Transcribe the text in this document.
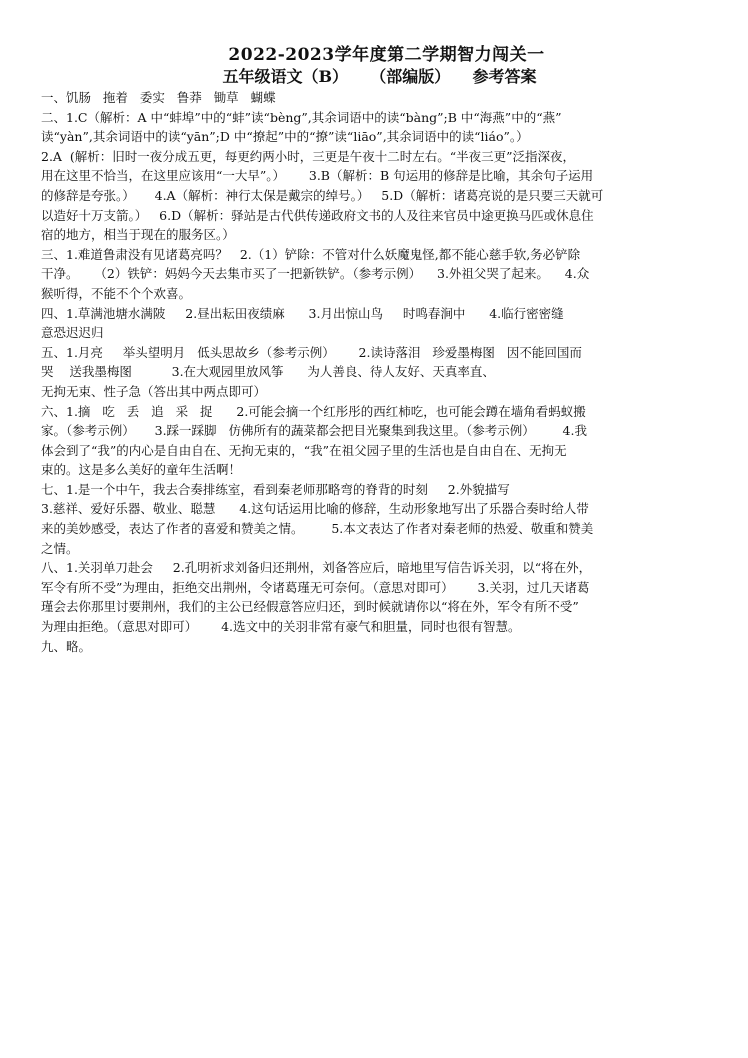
2022-2023学年度第二学期智力闯关一
五年级语文（B）    （部编版）    参考答案
一、饥肠   拖着   委实   鲁莽   锄草   蝴蝶
二、1.C（解析：A 中“蚌埠”中的“蚌”读“bèng”,其余词语中的读“bàng”;B 中“海燕”中的“燕”
读“yàn”,其余词语中的读“yān”;D 中“撩起”中的“撩”读“liāo”,其余词语中的读“liáo”。）
2.A  (解析：旧时一夜分成五更，每更约两小时，三更是午夜十二时左右。“半夜三更”泛指深夜，
用在这里不恰当，在这里应该用“一大早”。）      3.B（解析：B 句运用的修辞是比喻，其余句子运用
的修辞是夸张。）     4.A（解析：神行太保是戴宗的绰号。）   5.D（解析：诸葛亮说的是只要三天就可
以造好十万支箭。）   6.D（解析：驿站是古代供传递政府文书的人及往来官员中途更换马匹或休息住
宿的地方，相当于现在的服务区。）
三、1.难道鲁肃没有见诸葛亮吗？   2.（1）铲除：不管对什么妖魔鬼怪,都不能心慈手软,务必铲除
干净。    （2）铁铲：妈妈今天去集市买了一把新铁铲。（参考示例）    3.外祖父哭了起来。    4.众
猴听得，不能不个个欢喜。
四、1.草满池塘水满陂     2.昼出耘田夜绩麻      3.月出惊山鸟     时鸣春涧中      4.临行密密缝
意恐迟迟归
五、1.月亮     举头望明月   低头思故乡（参考示例）      2.读诗落泪   珍爱墨梅图   因不能回国而
哭    送我墨梅图          3.在大观园里放风筝      为人善良、待人友好、天真率直、
无拘无束、性子急（答出其中两点即可）
六、1.摘   吃   丢   追   采   捉      2.可能会摘一个红彤彤的西红柿吃，也可能会蹲在墙角看蚂蚁搬
家。（参考示例）     3.踩一踩脚   仿佛所有的蔬菜都会把目光聚集到我这里。（参考示例）       4.我
体会到了“我”的内心是自由自在、无拘无束的，“我”在祖父园子里的生活也是自由自在、无拘无
束的。这是多么美好的童年生活啊！
七、1.是一个中午，我去合奏排练室，看到秦老师那略弯的脊背的时刻     2.外貌描写
3.慈祥、爱好乐器、敬业、聪慧      4.这句话运用比喻的修辞，生动形象地写出了乐器合奏时给人带
来的美妙感受，表达了作者的喜爱和赞美之情。       5.本文表达了作者对秦老师的热爱、敬重和赞美
之情。
八、1.关羽单刀赴会     2.孔明祈求刘备归还荆州，刘备答应后，暗地里写信告诉关羽，以“将在外，
军令有所不受”为理由，拒绝交出荆州，令诸葛瑾无可奈何。（意思对即可）      3.关羽，过几天诸葛
瑾会去你那里讨要荆州，我们的主公已经假意答应归还，到时候就请你以“将在外，军令有所不受”
为理由拒绝。（意思对即可）      4.选文中的关羽非常有豪气和胆量，同时也很有智慧。
九、略。
